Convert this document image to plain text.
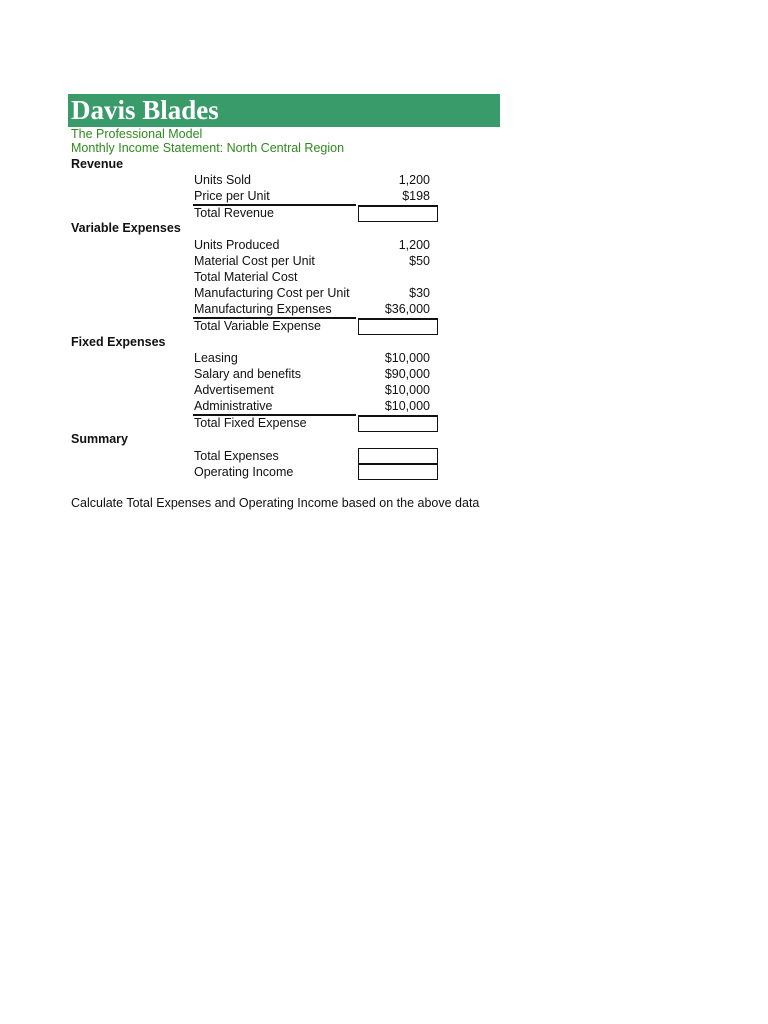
Davis Blades
The Professional Model
Monthly Income Statement: North Central Region
Revenue
Units Sold	1,200
Price per Unit	$198
Total Revenue
Variable Expenses
Units Produced	1,200
Material Cost per Unit	$50
Total Material Cost
Manufacturing Cost per Unit	$30
Manufacturing Expenses	$36,000
Total Variable Expense
Fixed Expenses
Leasing	$10,000
Salary and benefits	$90,000
Advertisement	$10,000
Administrative	$10,000
Total Fixed Expense
Summary
Total Expenses
Operating Income
Calculate Total Expenses and Operating Income based on the above data
